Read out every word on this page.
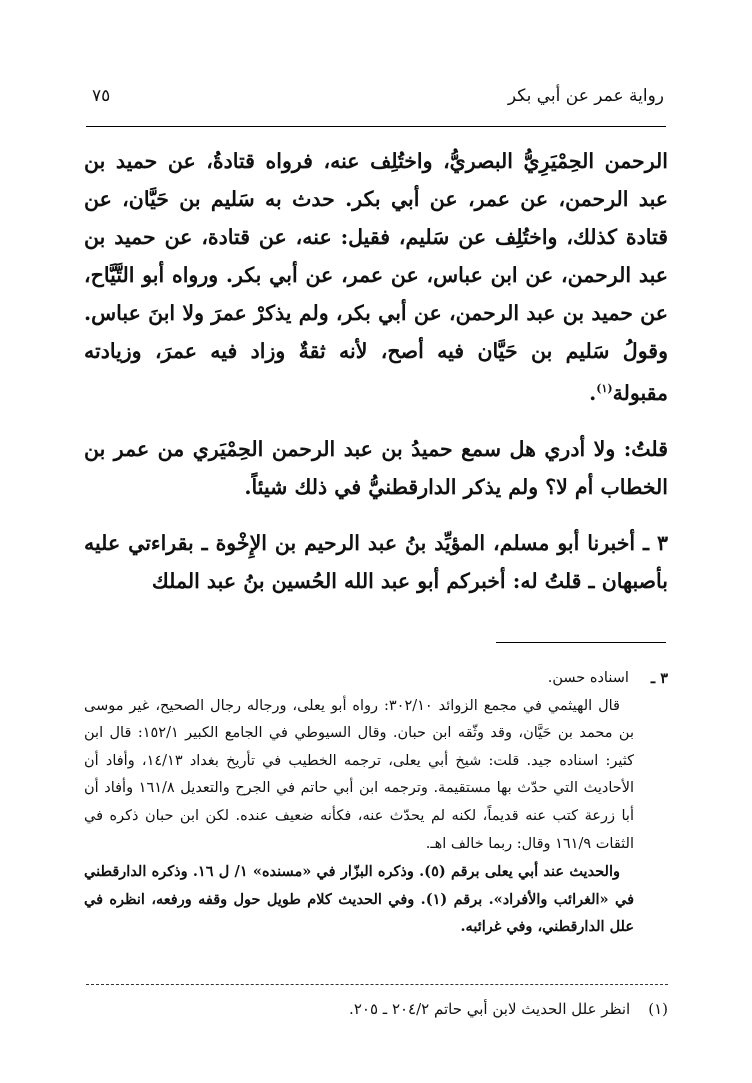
رواية عمر عن أبي بكر
٧٥

الرحمن الحِمْيَرِيُّ البصريُّ، واختُلِف عنه، فرواه قتادةُ، عن حميد بن عبد الرحمن، عن عمر، عن أبي بكر. حدث به سَليم بن حَيَّان، عن قتادة كذلك، واختُلِف عن سَليم، فقيل: عنه، عن قتادة، عن حميد بن عبد الرحمن، عن ابن عباس، عن عمر، عن أبي بكر. ورواه أبو التَّيَّاح، عن حميد بن عبد الرحمن، عن أبي بكر، ولم يذكرْ عمرَ ولا ابنَ عباس. وقولُ سَليم بن حَيَّان فيه أصح، لأنه ثقةٌ وزاد فيه عمرَ، وزيادته مقبولة$^{(١)}$.

قلتُ: ولا أدري هل سمع حميدُ بن عبد الرحمن الحِمْيَري من عمر بن الخطاب أم لا؟ ولم يذكر الدارقطنيُّ في ذلك شيئاً.

٣ ـ أخبرنا أبو مسلم، المؤيِّد بنُ عبد الرحيم بن الإِخْوة ـ بقراءتي عليه بأصبهان ـ قلتُ له: أخبركم أبو عبد الله الحُسين بنُ عبد الملك

٣ ـ
اسناده حسن.

قال الهيثمي في مجمع الزوائد ٣٠٢/١٠: رواه أبو يعلى، ورجاله رجال الصحيح، غير موسى بن محمد بن حَيَّان، وقد وثّقه ابن حبان. وقال السيوطي في الجامع الكبير ١٥٢/١: قال ابن كثير: اسناده جيد. قلت: شيخ أبي يعلى، ترجمه الخطيب في تأريخ بغداد ١٤/١٣، وأفاد أن الأحاديث التي حدّث بها مستقيمة. وترجمه ابن أبي حاتم في الجرح والتعديل ١٦١/٨ وأفاد أن أبا زرعة كتب عنه قديماً، لكنه لم يحدّث عنه، فكأنه ضعيف عنده. لكن ابن حبان ذكره في الثقات ١٦١/٩ وقال: ربما خالف اهـ.

والحديث عند أبي يعلى برقم (٥). وذكره البزّار في «مسنده» ١/ ل ١٦. وذكره الدارقطني في «الغرائب والأفراد». برقم (١). وفي الحديث كلام طويل حول وقفه ورفعه، انظره في علل الدارقطني، وفي غرائبه.

(١)
انظر علل الحديث لابن أبي حاتم ٢٠٤/٢ ـ ٢٠٥.
